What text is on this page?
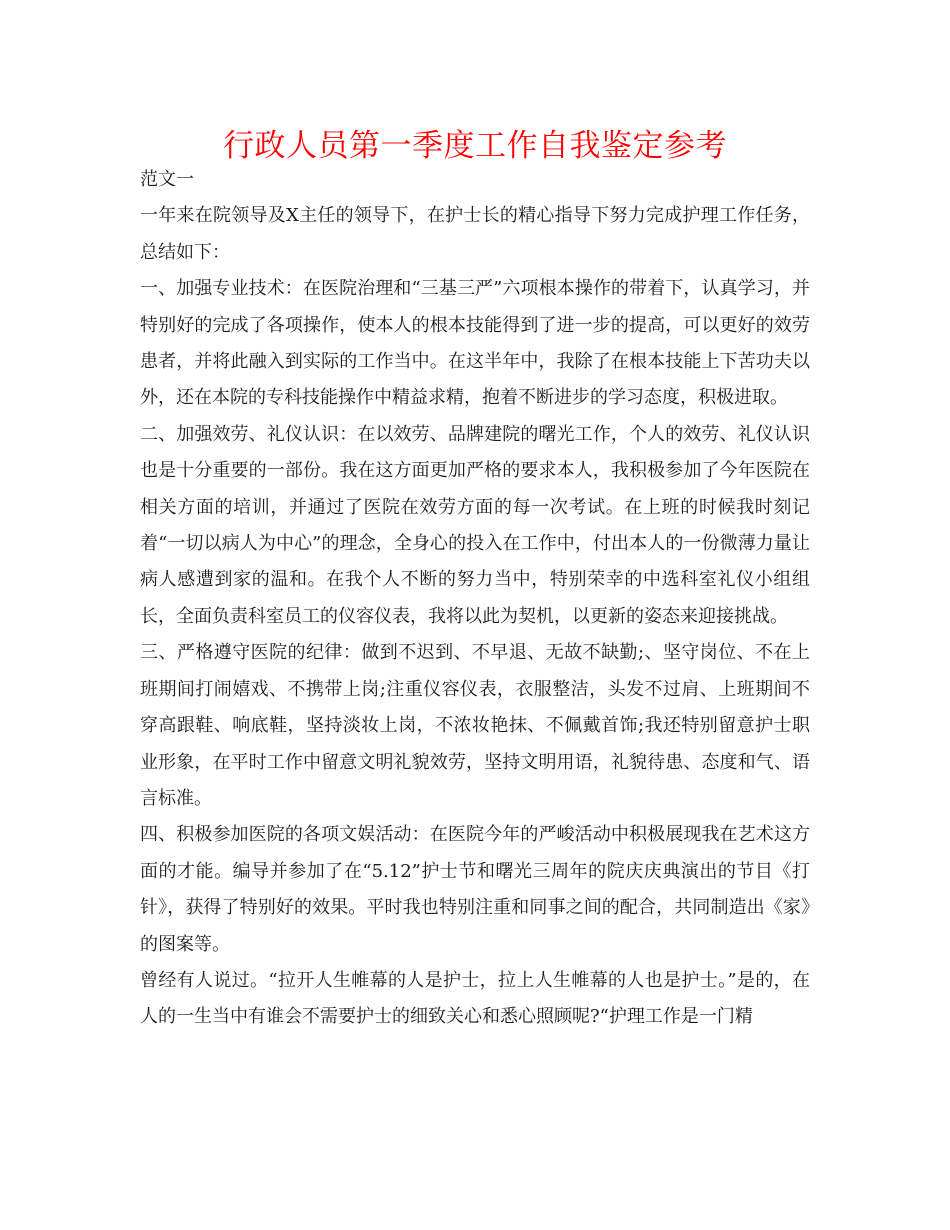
行政人员第一季度工作自我鉴定参考

范文一

一年来在院领导及X主任的领导下，在护士长的精心指导下努力完成护理工作任务，总结如下：

一、加强专业技术：在医院治理和“三基三严”六项根本操作的带着下，认真学习，并特别好的完成了各项操作，使本人的根本技能得到了进一步的提高，可以更好的效劳患者，并将此融入到实际的工作当中。在这半年中，我除了在根本技能上下苦功夫以外，还在本院的专科技能操作中精益求精，抱着不断进步的学习态度，积极进取。

二、加强效劳、礼仪认识：在以效劳、品牌建院的曙光工作，个人的效劳、礼仪认识也是十分重要的一部份。我在这方面更加严格的要求本人，我积极参加了今年医院在相关方面的培训，并通过了医院在效劳方面的每一次考试。在上班的时候我时刻记着“一切以病人为中心”的理念，全身心的投入在工作中，付出本人的一份微薄力量让病人感遭到家的温和。在我个人不断的努力当中，特别荣幸的中选科室礼仪小组组长，全面负责科室员工的仪容仪表，我将以此为契机，以更新的姿态来迎接挑战。

三、严格遵守医院的纪律：做到不迟到、不早退、无故不缺勤;、坚守岗位、不在上班期间打闹嬉戏、不携带上岗;注重仪容仪表，衣服整洁，头发不过肩、上班期间不穿高跟鞋、响底鞋，坚持淡妆上岗，不浓妆艳抹、不佩戴首饰;我还特别留意护士职业形象，在平时工作中留意文明礼貌效劳，坚持文明用语，礼貌待患、态度和气、语言标准。

四、积极参加医院的各项文娱活动：在医院今年的严峻活动中积极展现我在艺术这方面的才能。编导并参加了在“5.12”护士节和曙光三周年的院庆庆典演出的节目《打针》，获得了特别好的效果。平时我也特别注重和同事之间的配合，共同制造出《家》的图案等。

曾经有人说过。“拉开人生帷幕的人是护士，拉上人生帷幕的人也是护士。”是的，在人的一生当中有谁会不需要护士的细致关心和悉心照顾呢?“护理工作是一门精
